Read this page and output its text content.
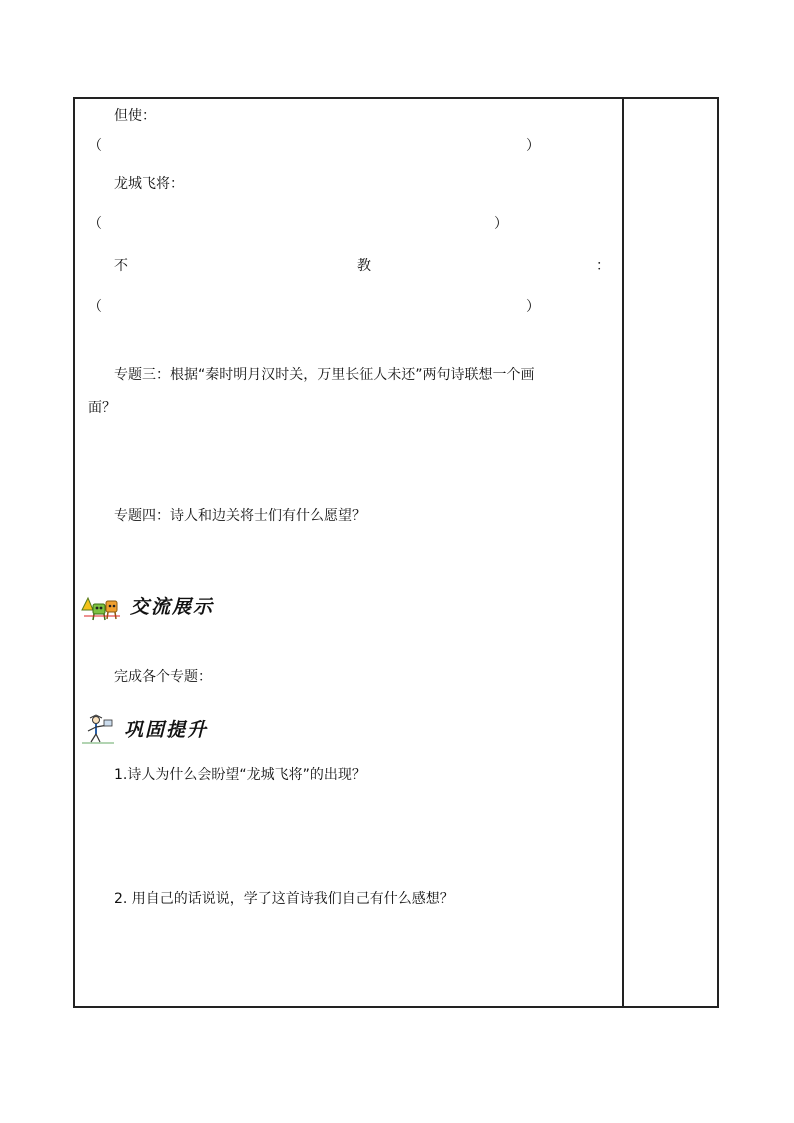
但使：
（	）
龙城飞将：
（	）
不	教	：
（	）
专题三：根据“秦时明月汉时关，万里长征人未还”两句诗联想一个画
面？
专题四：诗人和边关将士们有什么愿望？
交流展示
完成各个专题：
巩固提升
1.诗人为什么会盼望“龙城飞将”的出现？
2. 用自己的话说说，学了这首诗我们自己有什么感想？
